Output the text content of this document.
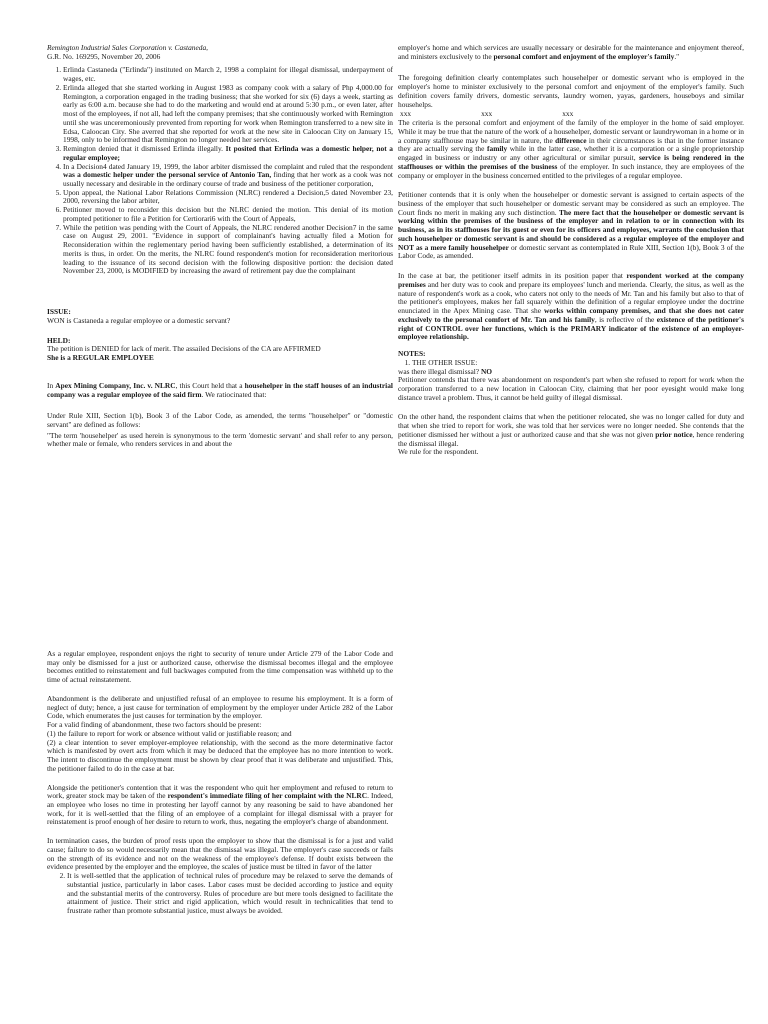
Remington Industrial Sales Corporation v. Castaneda,

G.R. No. 169295, November 20, 2006

1. Erlinda Castaneda ("Erlinda") instituted on March 2, 1998 a complaint for illegal dismissal, underpayment of wages, etc.
2. Erlinda alleged that she started working in August 1983 as company cook with a salary of Php 4,000.00 for Remington, a corporation engaged in the trading business; that she worked for six (6) days a week, starting as early as 6:00 a.m. because she had to do the marketing and would end at around 5:30 p.m., or even later, after most of the employees, if not all, had left the company premises; that she continuously worked with Remington until she was unceremoniously prevented from reporting for work when Remington transferred to a new site in Edsa, Caloocan City. She averred that she reported for work at the new site in Caloocan City on January 15, 1998, only to be informed that Remington no longer needed her services.
3. Remington denied that it dismissed Erlinda illegally. It posited that Erlinda was a domestic helper, not a regular employee;
4. In a Decision4 dated January 19, 1999, the labor arbiter dismissed the complaint and ruled that the respondent was a domestic helper under the personal service of Antonio Tan, finding that her work as a cook was not usually necessary and desirable in the ordinary course of trade and business of the petitioner corporation,
5. Upon appeal, the National Labor Relations Commission (NLRC) rendered a Decision,5 dated November 23, 2000, reversing the labor arbiter,
6. Petitioner moved to reconsider this decision but the NLRC denied the motion. This denial of its motion prompted petitioner to file a Petition for Certiorari6 with the Court of Appeals,
7. While the petition was pending with the Court of Appeals, the NLRC rendered another Decision7 in the same case on August 29, 2001. "Evidence in support of complainant's having actually filed a Motion for Reconsideration within the reglementary period having been sufficiently established, a determination of its merits is thus, in order. On the merits, the NLRC found respondent's motion for reconsideration meritorious leading to the issuance of its second decision with the following dispositive portion: the decision dated November 23, 2000, is MODIFIED by increasing the award of retirement pay due the complainant

ISSUE:

WON is Castaneda a regular employee or a domestic servant?

HELD:

The petition is DENIED for lack of merit. The assailed Decisions of the CA are AFFIRMED

She is a REGULAR EMPLOYEE

In Apex Mining Company, Inc. v. NLRC, this Court held that a househelper in the staff houses of an industrial company was a regular employee of the said firm. We ratiocinated that:

Under Rule XIII, Section 1(b), Book 3 of the Labor Code, as amended, the terms "househelper" or "domestic servant" are defined as follows:

"The term 'househelper' as used herein is synonymous to the term 'domestic servant' and shall refer to any person, whether male or female, who renders services in and about the

employer's home and which services are usually necessary or desirable for the maintenance and enjoyment thereof, and ministers exclusively to the personal comfort and enjoyment of the employer's family."

The foregoing definition clearly contemplates such househelper or domestic servant who is employed in the employer's home to minister exclusively to the personal comfort and enjoyment of the employer's family. Such definition covers family drivers, domestic servants, laundry women, yayas, gardeners, houseboys and similar househelps.

xxx	xxx	xxx

The criteria is the personal comfort and enjoyment of the family of the employer in the home of said employer. While it may be true that the nature of the work of a househelper, domestic servant or laundrywoman in a home or in a company staffhouse may be similar in nature, the difference in their circumstances is that in the former instance they are actually serving the family while in the latter case, whether it is a corporation or a single proprietorship engaged in business or industry or any other agricultural or similar pursuit, service is being rendered in the staffhouses or within the premises of the business of the employer. In such instance, they are employees of the company or employer in the business concerned entitled to the privileges of a regular employee.

Petitioner contends that it is only when the househelper or domestic servant is assigned to certain aspects of the business of the employer that such househelper or domestic servant may be considered as such an employee. The Court finds no merit in making any such distinction. The mere fact that the househelper or domestic servant is working within the premises of the business of the employer and in relation to or in connection with its business, as in its staffhouses for its guest or even for its officers and employees, warrants the conclusion that such househelper or domestic servant is and should be considered as a regular employee of the employer and NOT as a mere family househelper or domestic servant as contemplated in Rule XIII, Section 1(b), Book 3 of the Labor Code, as amended.

In the case at bar, the petitioner itself admits in its position paper that respondent worked at the company premises and her duty was to cook and prepare its employees' lunch and merienda. Clearly, the situs, as well as the nature of respondent's work as a cook, who caters not only to the needs of Mr. Tan and his family but also to that of the petitioner's employees, makes her fall squarely within the definition of a regular employee under the doctrine enunciated in the Apex Mining case. That she works within company premises, and that she does not cater exclusively to the personal comfort of Mr. Tan and his family, is reflective of the existence of the petitioner's right of CONTROL over her functions, which is the PRIMARY indicator of the existence of an employer-employee relationship.

NOTES:

1. THE OTHER ISSUE:

was there illegal dismissal? NO

Petitioner contends that there was abandonment on respondent's part when she refused to report for work when the corporation transferred to a new location in Caloocan City, claiming that her poor eyesight would make long distance travel a problem. Thus, it cannot be held guilty of illegal dismissal.

On the other hand, the respondent claims that when the petitioner relocated, she was no longer called for duty and that when she tried to report for work, she was told that her services were no longer needed. She contends that the petitioner dismissed her without a just or authorized cause and that she was not given prior notice, hence rendering the dismissal illegal.

We rule for the respondent.

As a regular employee, respondent enjoys the right to security of tenure under Article 279 of the Labor Code and may only be dismissed for a just or authorized cause, otherwise the dismissal becomes illegal and the employee becomes entitled to reinstatement and full backwages computed from the time compensation was withheld up to the time of actual reinstatement.

Abandonment is the deliberate and unjustified refusal of an employee to resume his employment. It is a form of neglect of duty; hence, a just cause for termination of employment by the employer under Article 282 of the Labor Code, which enumerates the just causes for termination by the employer.

For a valid finding of abandonment, these two factors should be present:

(1) the failure to report for work or absence without valid or justifiable reason; and

(2) a clear intention to sever employer-employee relationship, with the second as the more determinative factor which is manifested by overt acts from which it may be deduced that the employee has no more intention to work. The intent to discontinue the employment must be shown by clear proof that it was deliberate and unjustified. This, the petitioner failed to do in the case at bar.

Alongside the petitioner's contention that it was the respondent who quit her employment and refused to return to work, greater stock may be taken of the respondent's immediate filing of her complaint with the NLRC. Indeed, an employee who loses no time in protesting her layoff cannot by any reasoning be said to have abandoned her work, for it is well-settled that the filing of an employee of a complaint for illegal dismissal with a prayer for reinstatement is proof enough of her desire to return to work, thus, negating the employer's charge of abandonment.

In termination cases, the burden of proof rests upon the employer to show that the dismissal is for a just and valid cause; failure to do so would necessarily mean that the dismissal was illegal. The employer's case succeeds or fails on the strength of its evidence and not on the weakness of the employee's defense. If doubt exists between the evidence presented by the employer and the employee, the scales of justice must be tilted in favor of the latter

2. It is well-settled that the application of technical rules of procedure may be relaxed to serve the demands of substantial justice, particularly in labor cases. Labor cases must be decided according to justice and equity and the substantial merits of the controversy. Rules of procedure are but mere tools designed to facilitate the attainment of justice. Their strict and rigid application, which would result in technicalities that tend to frustrate rather than promote substantial justice, must always be avoided.
